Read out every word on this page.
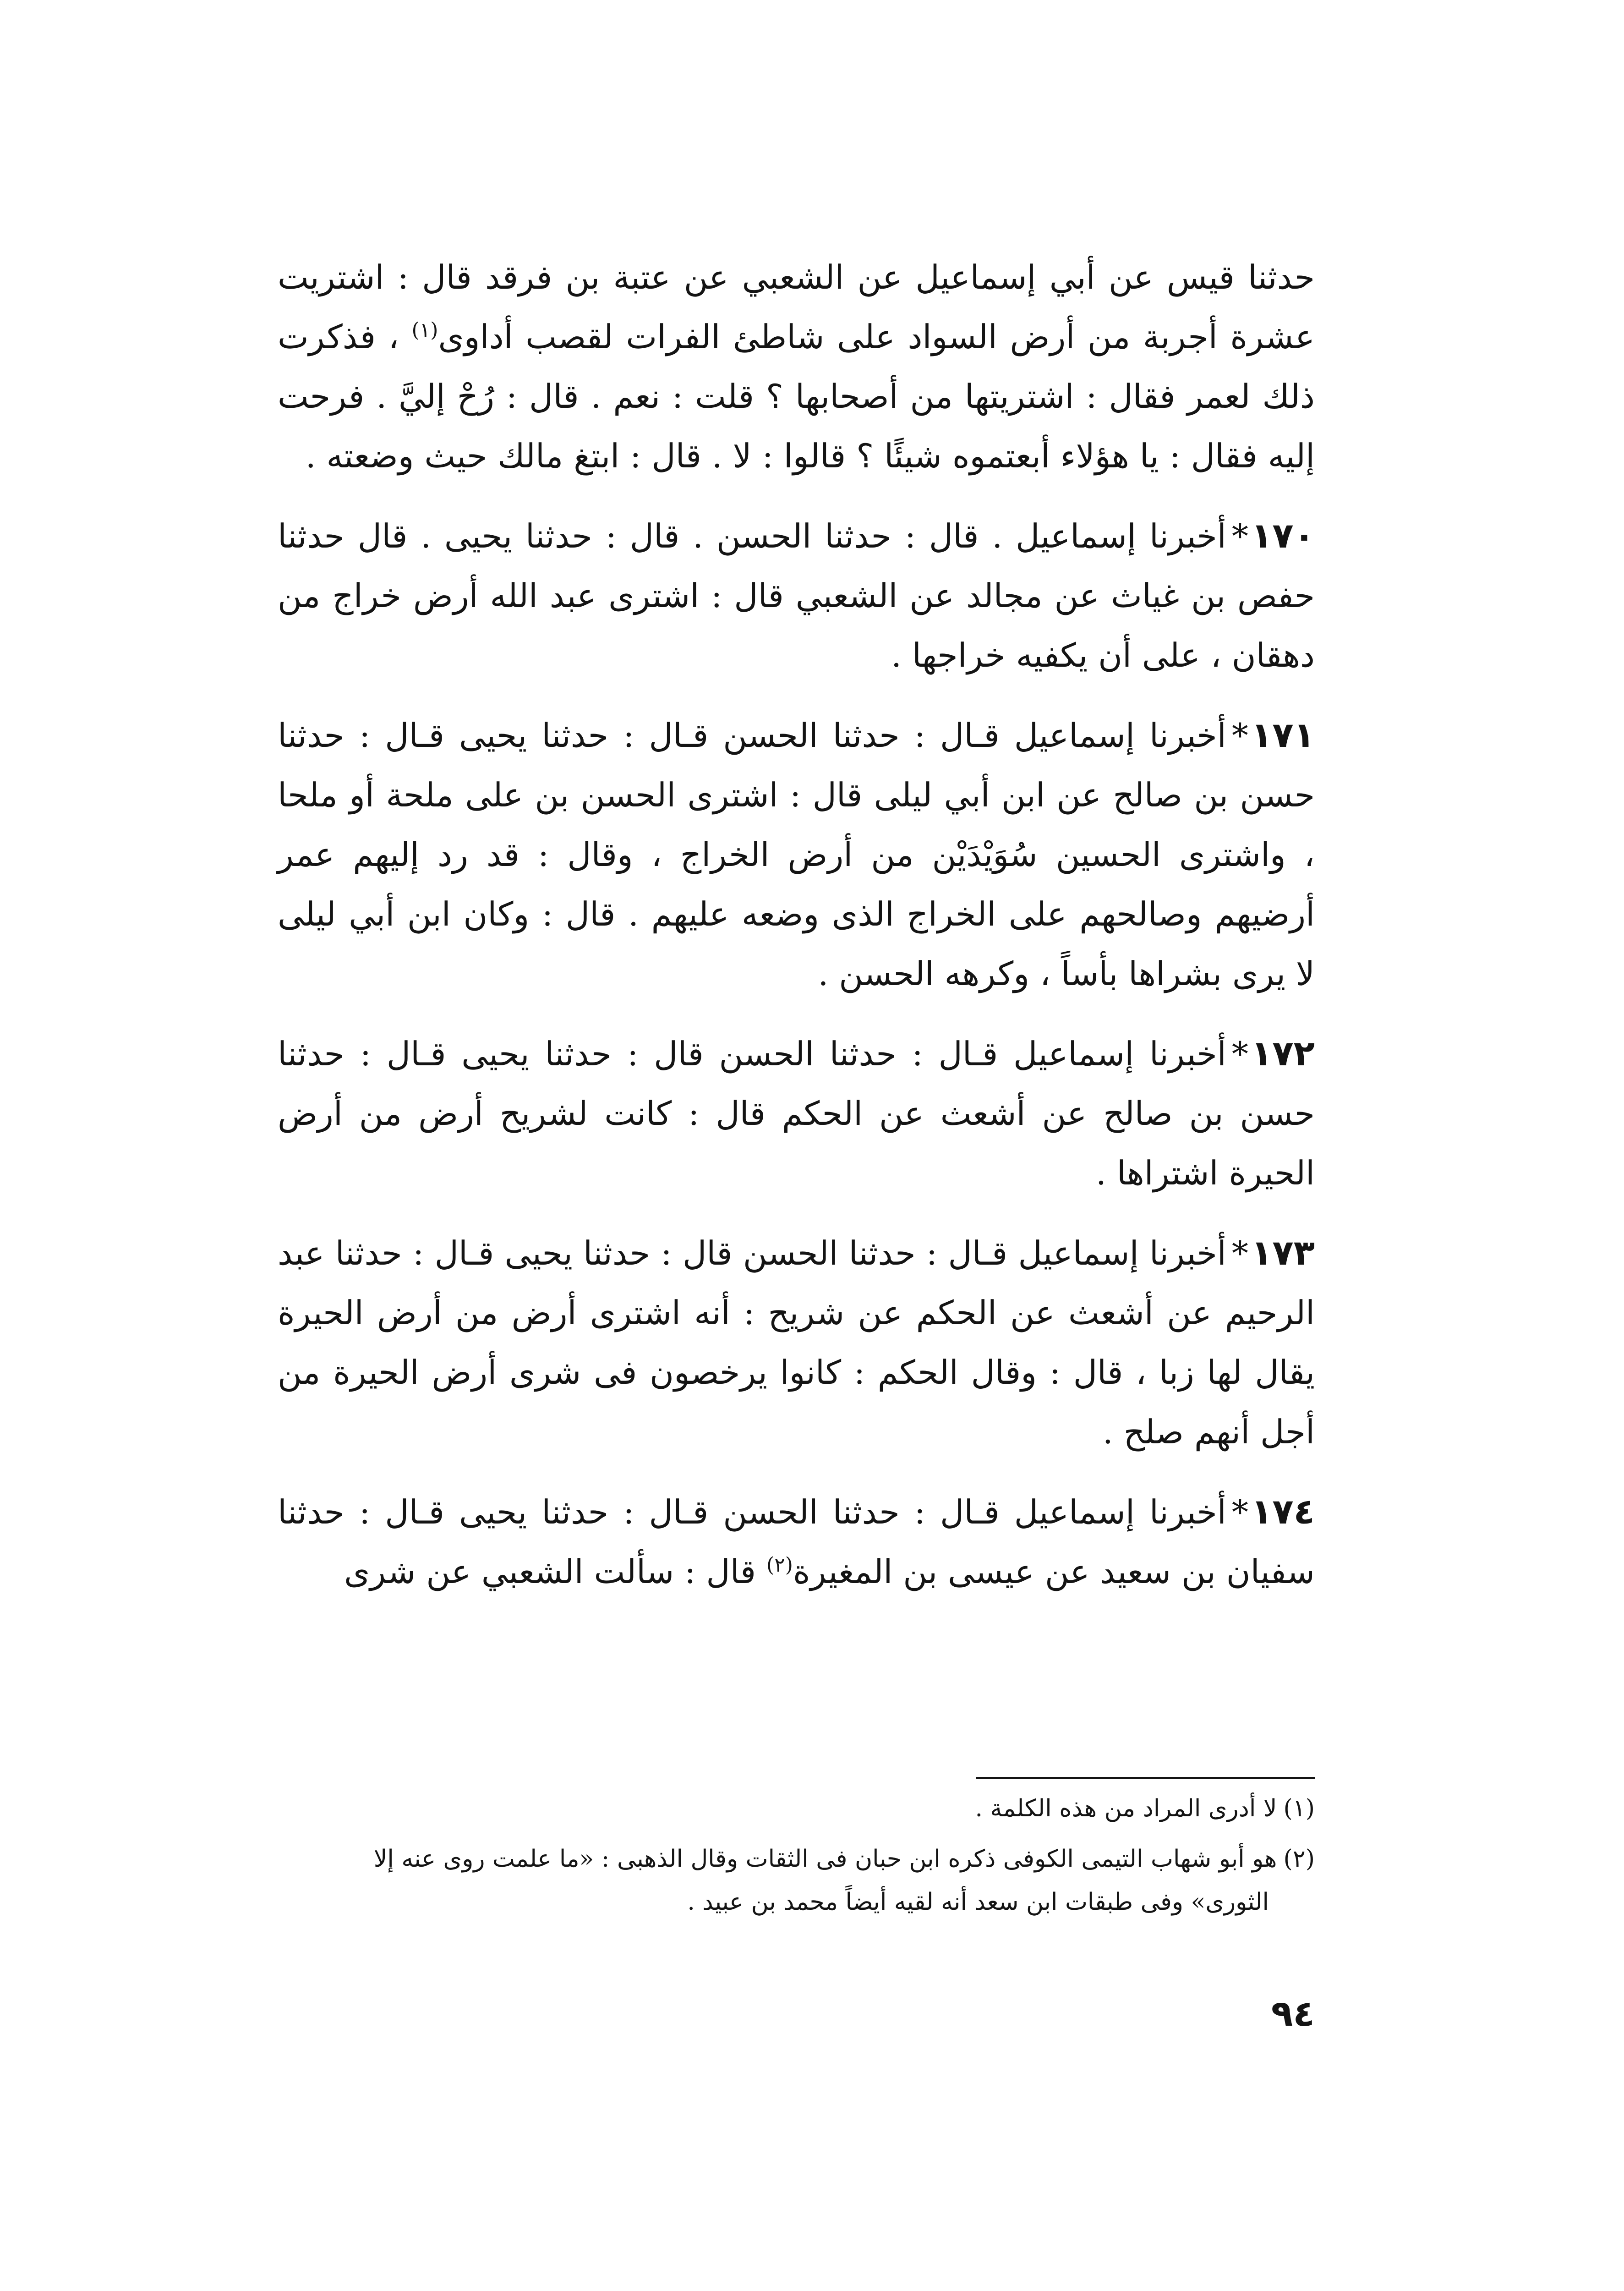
حدثنا قيس عن أبي إسماعيل عن الشعبي عن عتبة بن فرقد قال : اشتريت عشرة أجربة من أرض السواد على شاطئ الفرات لقصب أداوى$^{(١)}$ ، فذكرت ذلك لعمر فقال : اشتريتها من أصحابها ؟ قلت : نعم . قال : رُحْ إليَّ . فرحت إليه فقال : يا هؤلاء أبعتموه شيئًا ؟ قالوا : لا . قال : ابتغ مالك حيث وضعته .

١٧٠*أخبرنا إسماعيل . قال : حدثنا الحسن . قال : حدثنا يحيى . قال حدثنا حفص بن غياث عن مجالد عن الشعبي قال : اشترى عبد الله أرض خراج من دهقان ، على أن يكفيه خراجها .

١٧١*أخبرنا إسماعيل قـال : حدثنا الحسن قـال : حدثنا يحيى قـال : حدثنا حسن بن صالح عن ابن أبي ليلى قال : اشترى الحسن بن على ملحة أو ملحا ، واشترى الحسين سُوَيْدَيْن من أرض الخراج ، وقال : قد رد إليهم عمر أرضيهم وصالحهم على الخراج الذى وضعه عليهم . قال : وكان ابن أبي ليلى لا يرى بشراها بأساً ، وكرهه الحسن .

١٧٢*أخبرنا إسماعيل قـال : حدثنا الحسن قال : حدثنا يحيى قـال : حدثنا حسن بن صالح عن أشعث عن الحكم قال : كانت لشريح أرض من أرض الحيرة اشتراها .

١٧٣*أخبرنا إسماعيل قـال : حدثنا الحسن قال : حدثنا يحيى قـال : حدثنا عبد الرحيم عن أشعث عن الحكم عن شريح : أنه اشترى أرض من أرض الحيرة يقال لها زبا ، قال : وقال الحكم : كانوا يرخصون فى شرى أرض الحيرة من أجل أنهم صلح .

١٧٤*أخبرنا إسماعيل قـال : حدثنا الحسن قـال : حدثنا يحيى قـال : حدثنا سفيان بن سعيد عن عيسى بن المغيرة$^{(٢)}$ قال : سألت الشعبي عن شرى

(١)لا أدرى المراد من هذه الكلمة .

(٢)هو أبو شهاب التيمى الكوفى ذكره ابن حبان فى الثقات وقال الذهبى : «ما علمت روى عنه إلا
الثورى» وفى طبقات ابن سعد أنه لقيه أيضاً محمد بن عبيد .

٩٤
